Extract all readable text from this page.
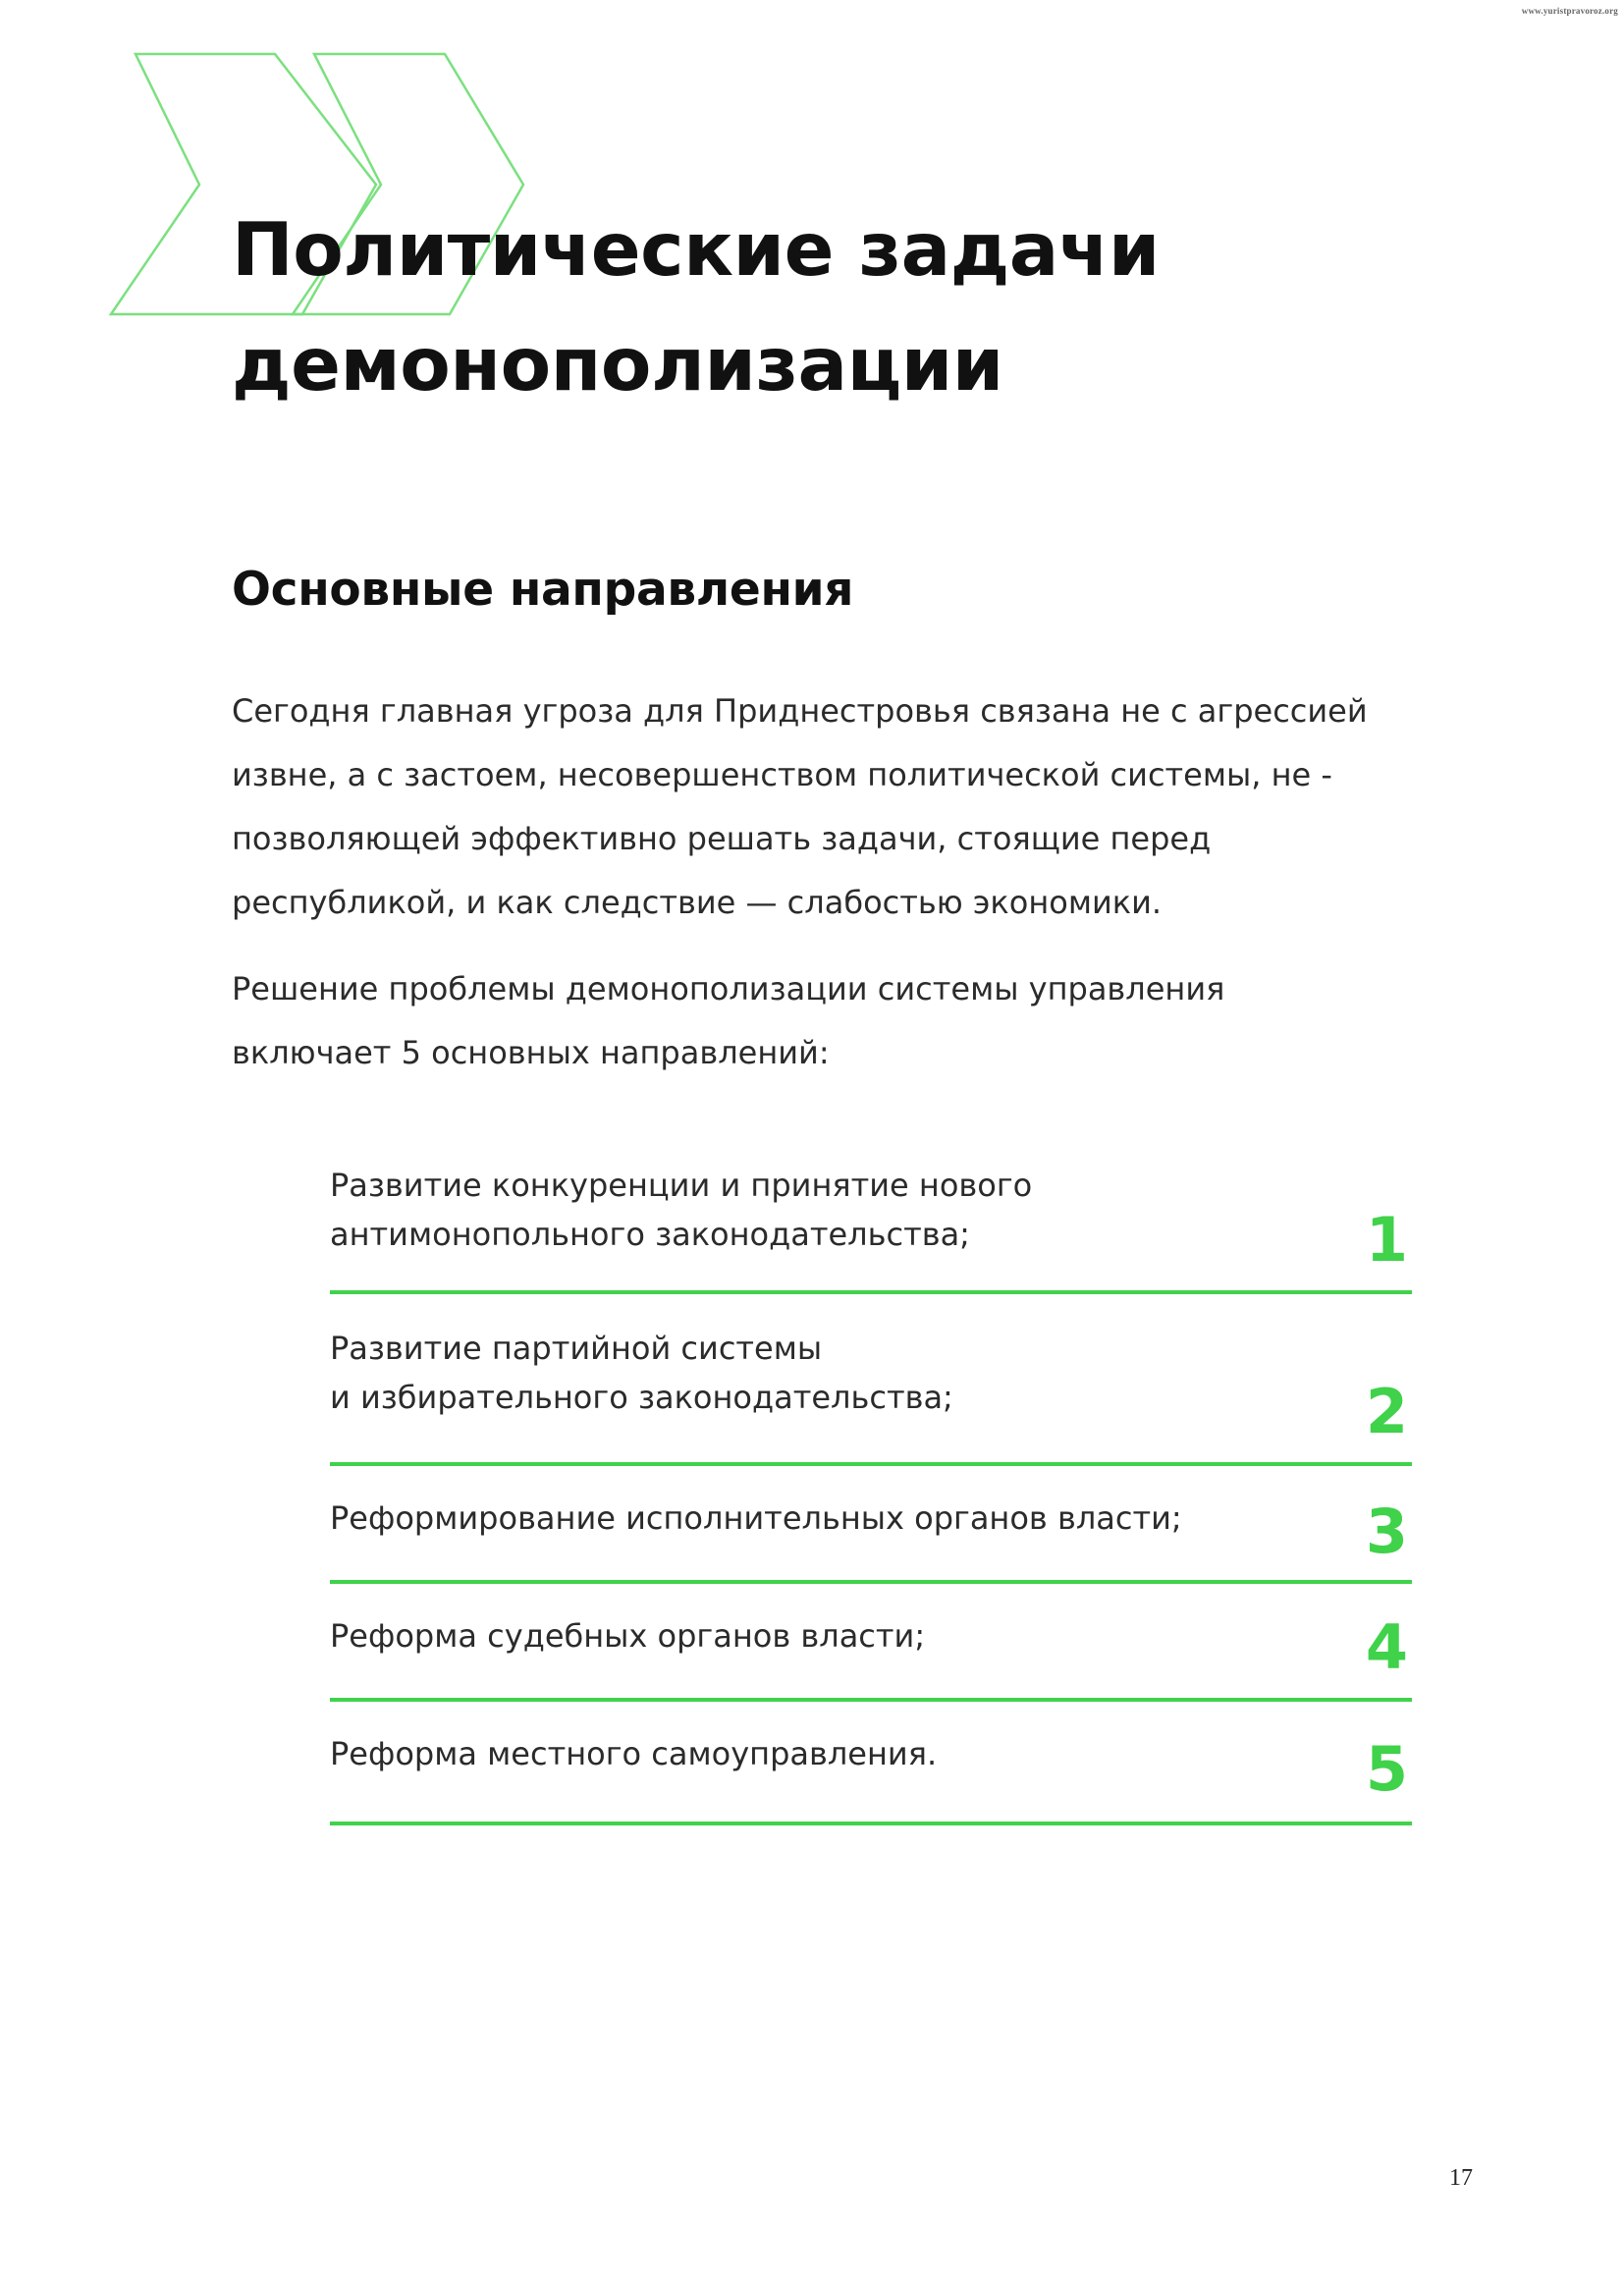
www.yuristpravoroz.org
Политические задачи
демонополизации
Основные направления

Сегодня главная угроза для Приднестровья связана не с агрессией
извне, а с застоем, несовершенством политической системы, не -
позволяющей эффективно решать задачи, стоящие перед
республикой, и как следствие — слабостью экономики.

Решение проблемы демонополизации системы управления
включает 5 основных направлений:

Развитие конкуренции и принятие нового
антимонопольного законодательства;	1
Развитие партийной системы
и избирательного законодательства;	2
Реформирование исполнительных органов власти;	3
Реформа судебных органов власти;	4
Реформа местного самоуправления.	5
17
